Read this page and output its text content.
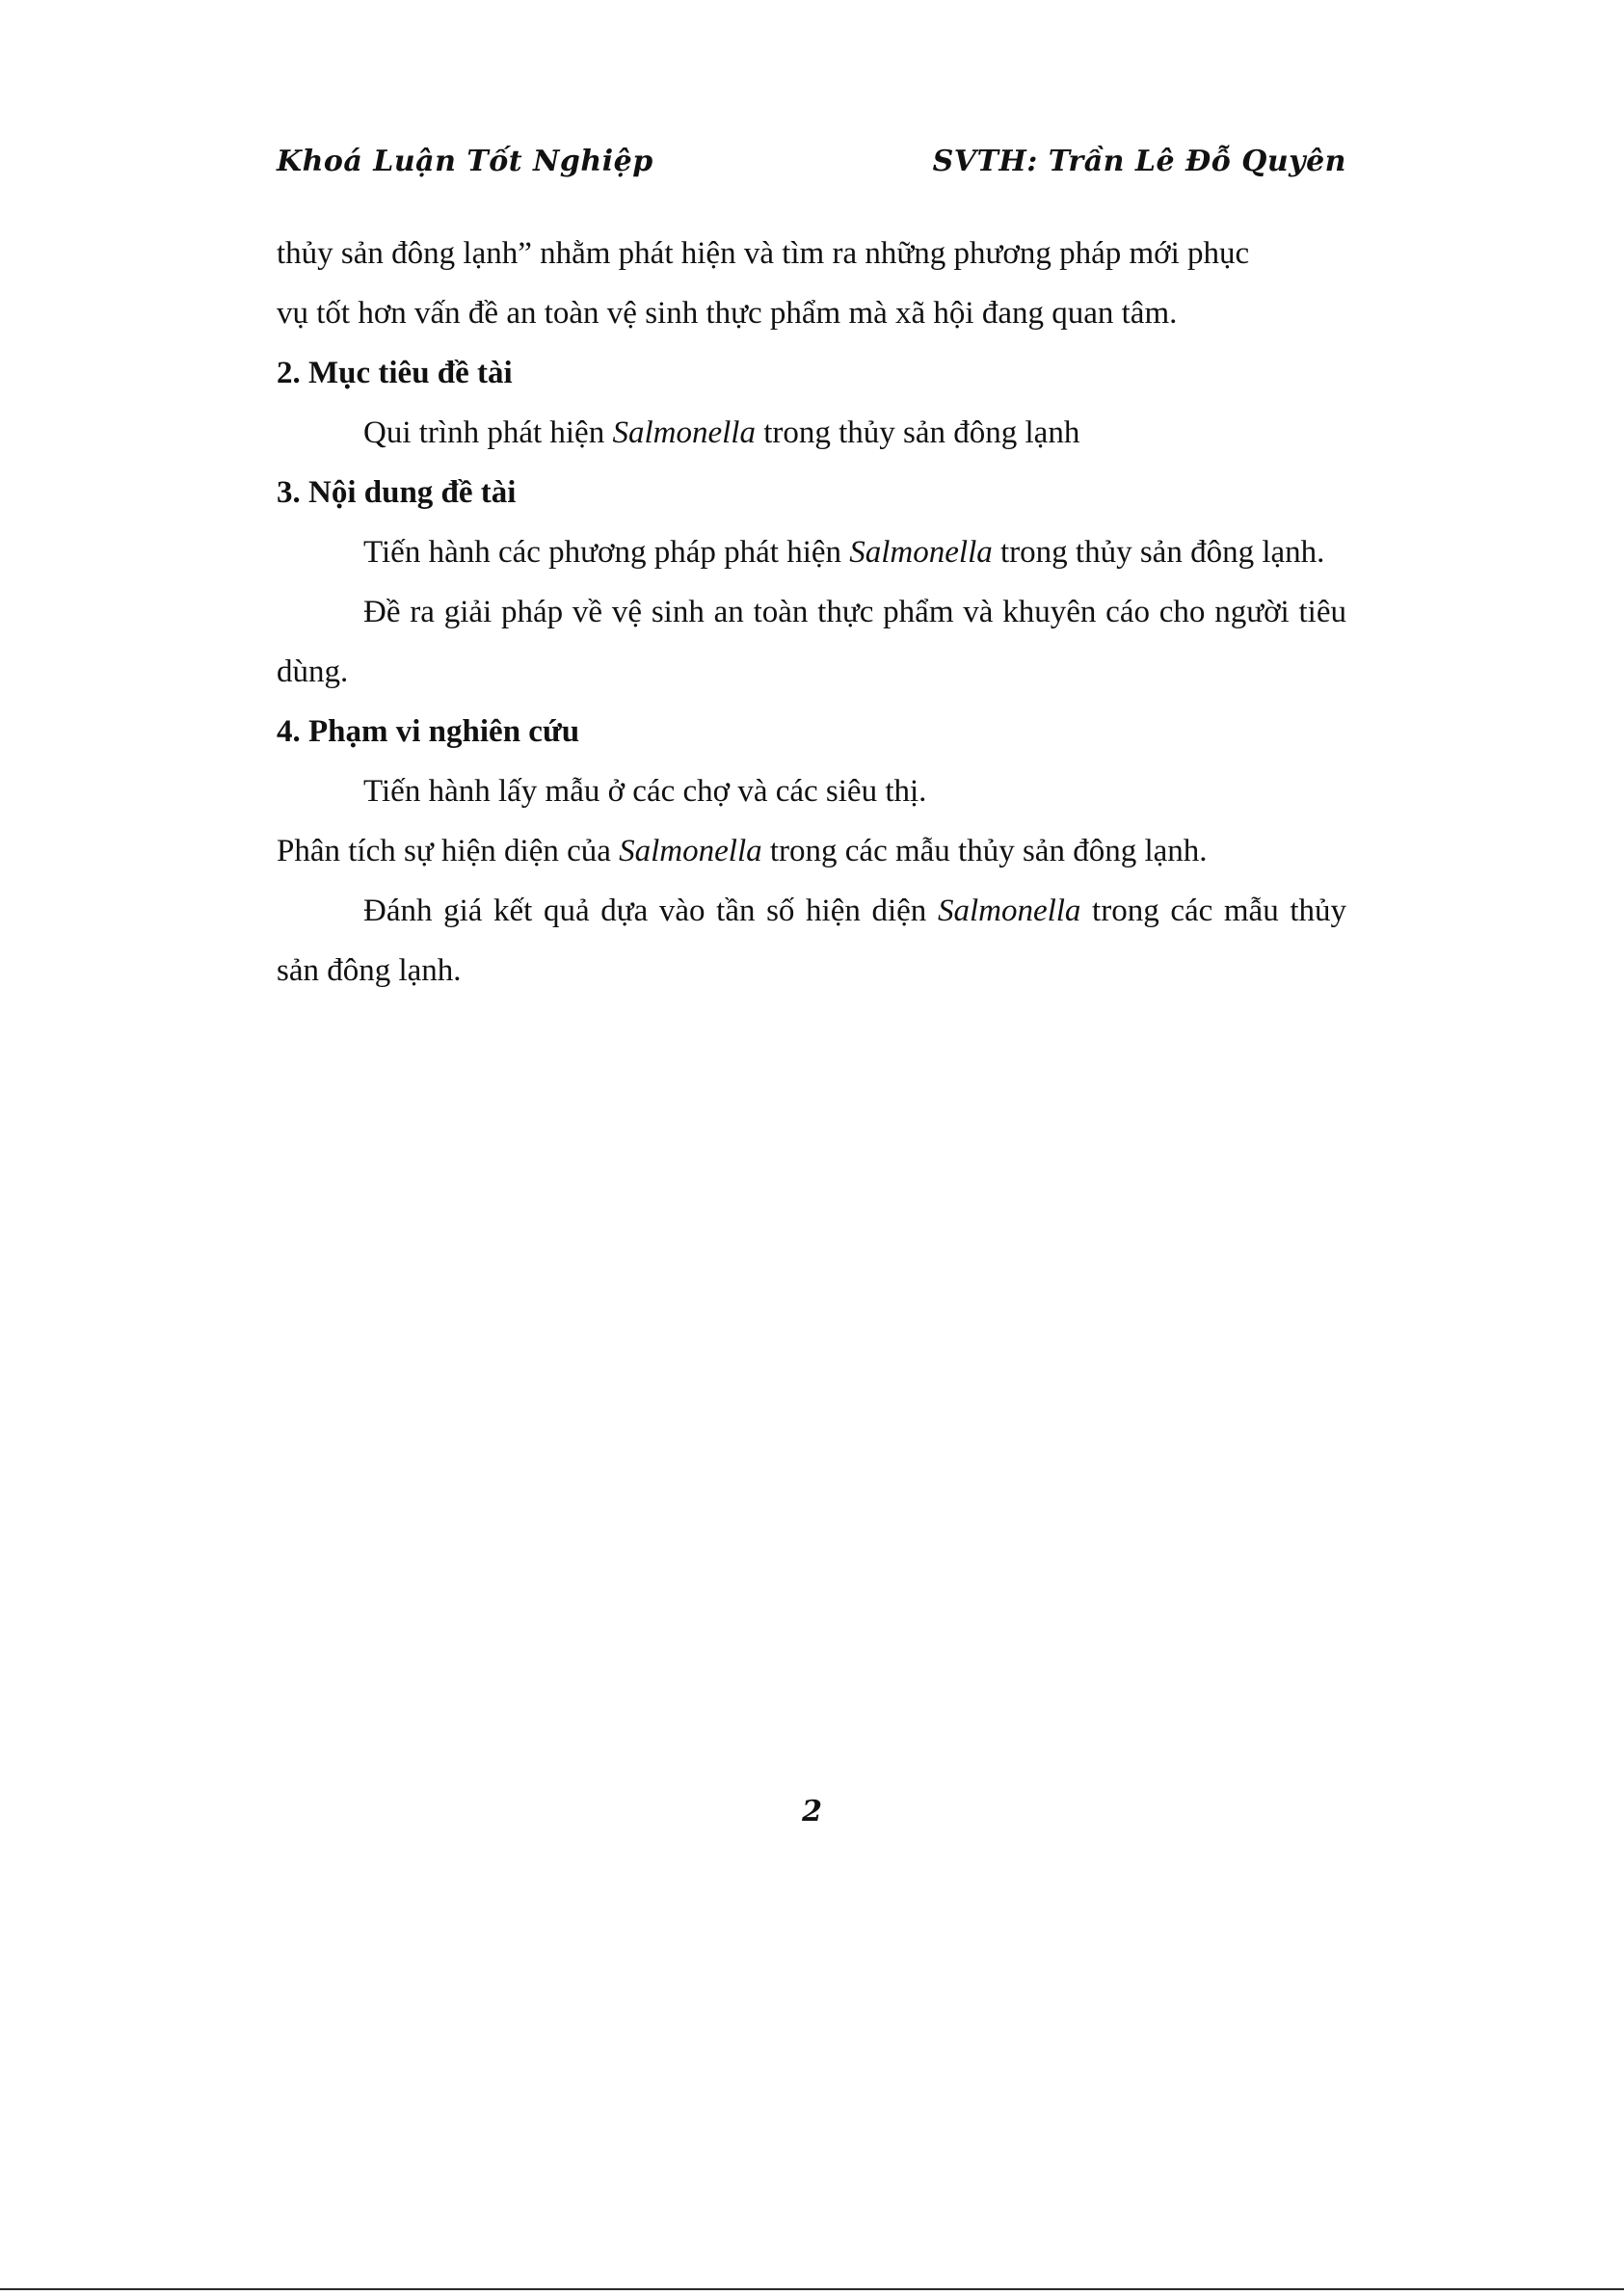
Khoá Luận Tốt Nghiệp	SVTH: Trần Lê Đỗ Quyên

thủy sản đông lạnh” nhằm phát hiện và tìm ra những phương pháp mới phục
vụ tốt hơn vấn đề an toàn vệ sinh thực phẩm mà xã hội đang quan tâm.

2. Mục tiêu đề tài

Qui trình phát hiện Salmonella trong thủy sản đông lạnh

3. Nội dung đề tài

Tiến hành các phương pháp phát hiện Salmonella trong thủy sản đông lạnh.

Đề ra giải pháp về vệ sinh an toàn thực phẩm và khuyên cáo cho người tiêu dùng.

4. Phạm vi nghiên cứu

Tiến hành lấy mẫu ở các chợ và các siêu thị.

Phân tích sự hiện diện của Salmonella trong các mẫu thủy sản đông lạnh.

Đánh giá kết quả dựa vào tần số hiện diện Salmonella trong các mẫu thủy sản đông lạnh.

2
